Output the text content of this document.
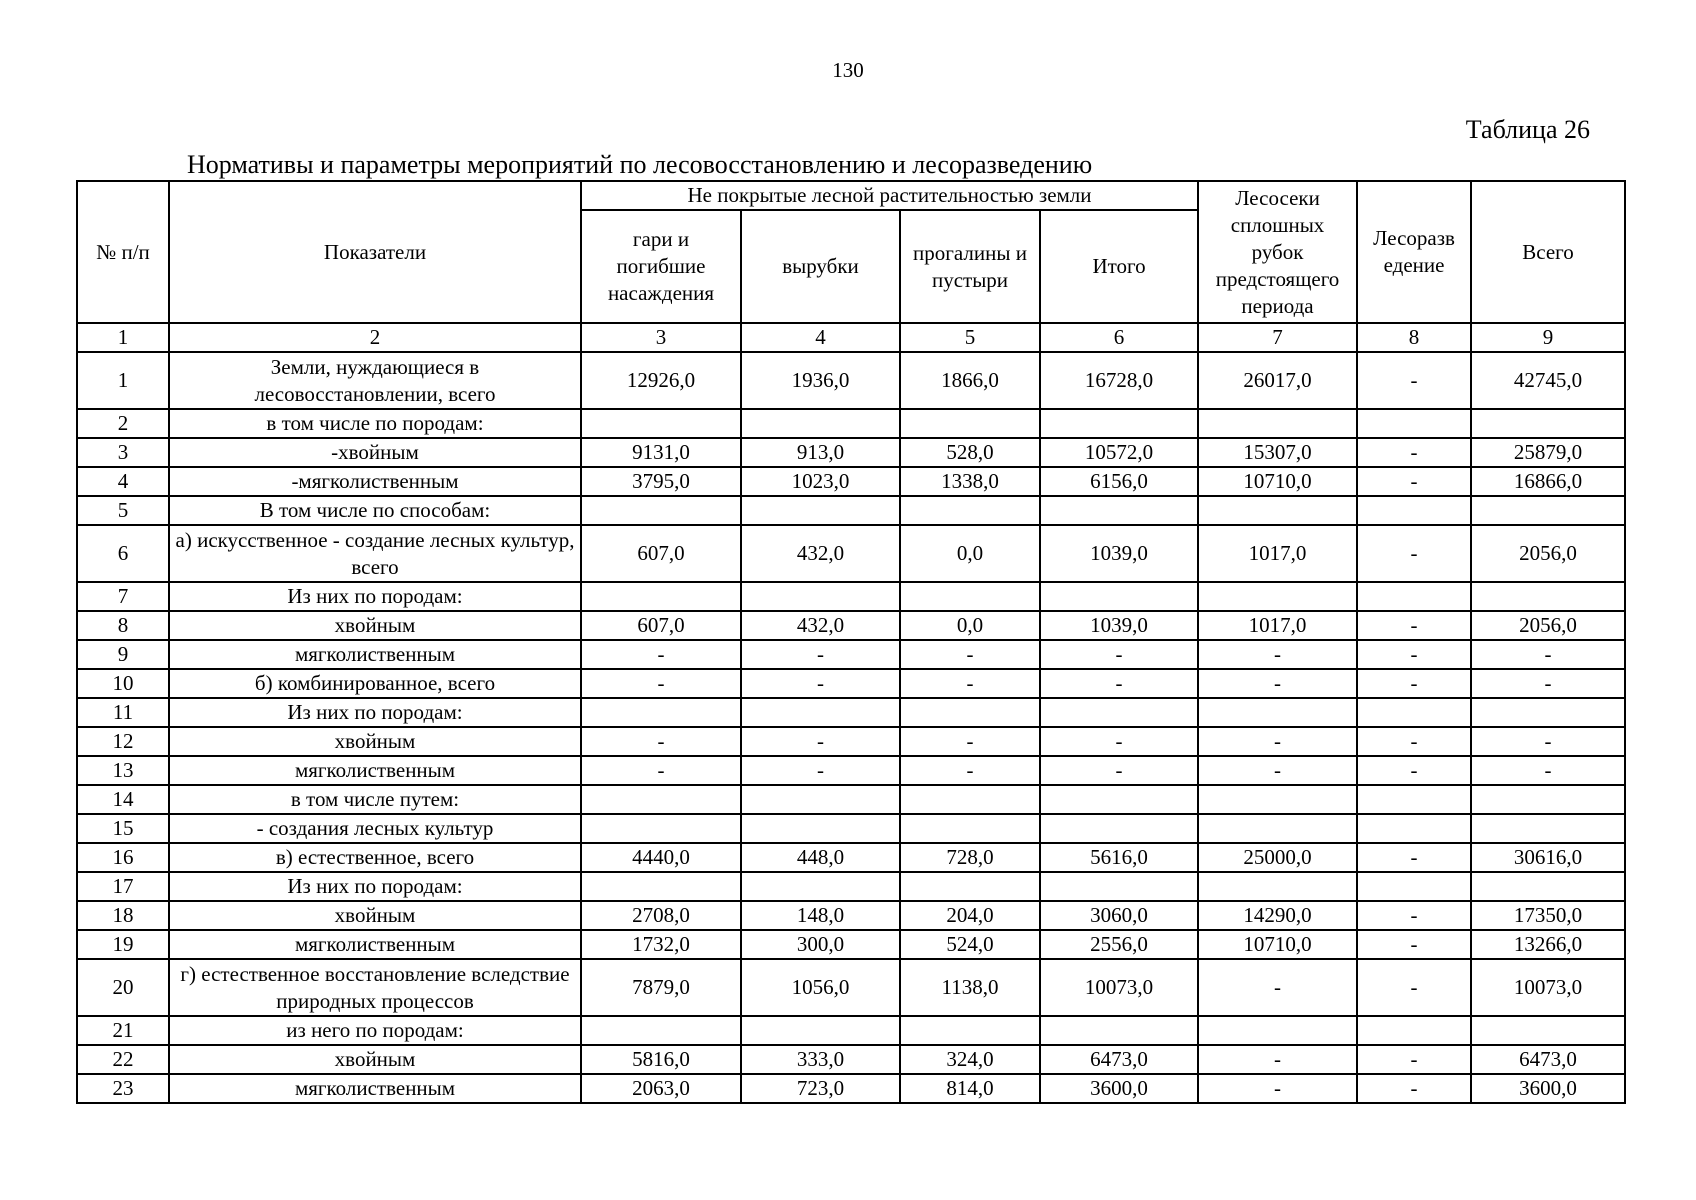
130
Таблица 26
Нормативы и параметры мероприятий по лесовосстановлению и лесоразведению
№ п/п	Показатели	Не покрытые лесной растительностью земли				Лесосеки сплошных рубок предстоящего периода	Лесоразв едение	Всего
		гари и погибшие насаждения	вырубки	прогалины и пустыри	Итого			
1	2	3	4	5	6	7	8	9
1	Земли, нуждающиеся в лесовосстановлении, всего	12926,0	1936,0	1866,0	16728,0	26017,0	-	42745,0
2	в том числе по породам:							
3	-хвойным	9131,0	913,0	528,0	10572,0	15307,0	-	25879,0
4	-мягколиственным	3795,0	1023,0	1338,0	6156,0	10710,0	-	16866,0
5	В том числе по способам:							
6	а) искусственное - создание лесных культур, всего	607,0	432,0	0,0	1039,0	1017,0	-	2056,0
7	Из них по породам:							
8	хвойным	607,0	432,0	0,0	1039,0	1017,0	-	2056,0
9	мягколиственным	-	-	-	-	-	-	-
10	б) комбинированное, всего	-	-	-	-	-	-	-
11	Из них по породам:							
12	хвойным	-	-	-	-	-	-	-
13	мягколиственным	-	-	-	-	-	-	-
14	в том числе путем:							
15	- создания лесных культур							
16	в) естественное, всего	4440,0	448,0	728,0	5616,0	25000,0	-	30616,0
17	Из них по породам:							
18	хвойным	2708,0	148,0	204,0	3060,0	14290,0	-	17350,0
19	мягколиственным	1732,0	300,0	524,0	2556,0	10710,0	-	13266,0
20	г) естественное восстановление вследствие природных процессов	7879,0	1056,0	1138,0	10073,0	-	-	10073,0
21	из него по породам:							
22	хвойным	5816,0	333,0	324,0	6473,0	-	-	6473,0
23	мягколиственным	2063,0	723,0	814,0	3600,0	-	-	3600,0
